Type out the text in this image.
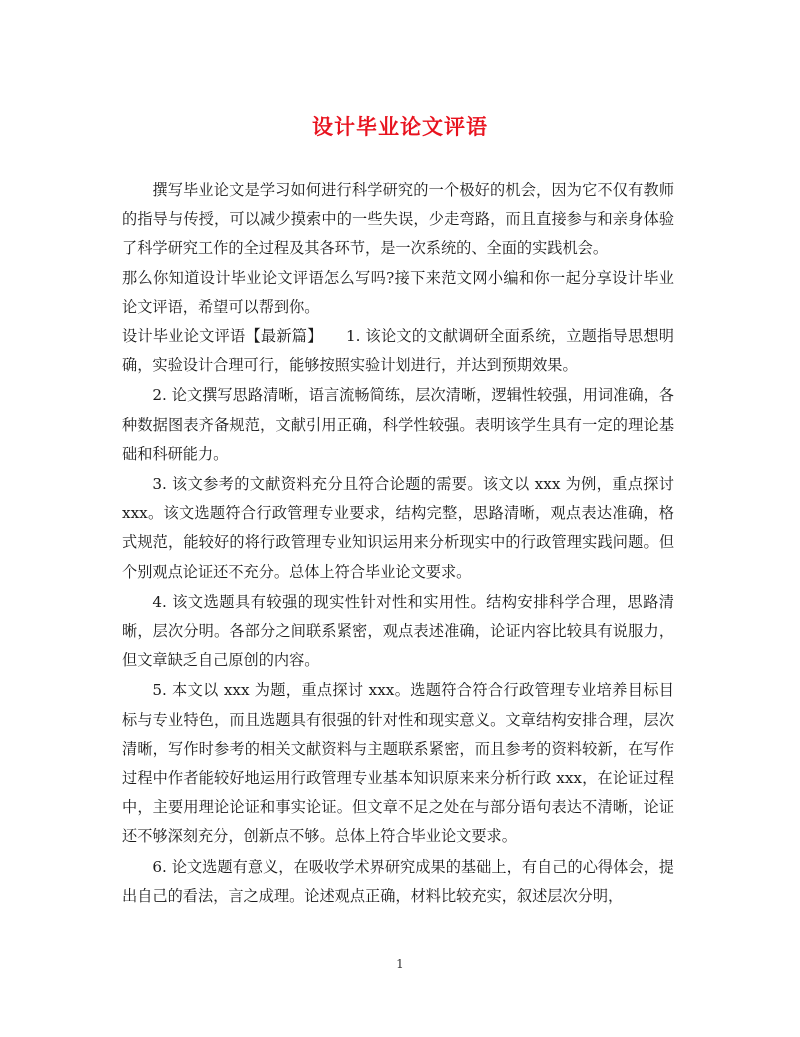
设计毕业论文评语

撰写毕业论文是学习如何进行科学研究的一个极好的机会，因为它不仅有教师的指导与传授，可以减少摸索中的一些失误，少走弯路，而且直接参与和亲身体验了科学研究工作的全过程及其各环节，是一次系统的、全面的实践机会。

那么你知道设计毕业论文评语怎么写吗?接下来范文网小编和你一起分享设计毕业论文评语，希望可以帮到你。

设计毕业论文评语【最新篇】　　1. 该论文的文献调研全面系统，立题指导思想明确，实验设计合理可行，能够按照实验计划进行，并达到预期效果。

2. 论文撰写思路清晰，语言流畅简练，层次清晰，逻辑性较强，用词准确，各种数据图表齐备规范，文献引用正确，科学性较强。表明该学生具有一定的理论基础和科研能力。

3. 该文参考的文献资料充分且符合论题的需要。该文以 xxx 为例，重点探讨 xxx。该文选题符合行政管理专业要求，结构完整，思路清晰，观点表达准确，格式规范，能较好的将行政管理专业知识运用来分析现实中的行政管理实践问题。但个别观点论证还不充分。总体上符合毕业论文要求。

4. 该文选题具有较强的现实性针对性和实用性。结构安排科学合理，思路清晰，层次分明。各部分之间联系紧密，观点表述准确，论证内容比较具有说服力，但文章缺乏自己原创的内容。

5. 本文以 xxx 为题，重点探讨 xxx。选题符合符合行政管理专业培养目标目标与专业特色，而且选题具有很强的针对性和现实意义。文章结构安排合理，层次清晰，写作时参考的相关文献资料与主题联系紧密，而且参考的资料较新，在写作过程中作者能较好地运用行政管理专业基本知识原来来分析行政 xxx，在论证过程中，主要用理论论证和事实论证。但文章不足之处在与部分语句表达不清晰，论证还不够深刻充分，创新点不够。总体上符合毕业论文要求。

6. 论文选题有意义，在吸收学术界研究成果的基础上，有自己的心得体会，提出自己的看法，言之成理。论述观点正确，材料比较充实，叙述层次分明，

1
